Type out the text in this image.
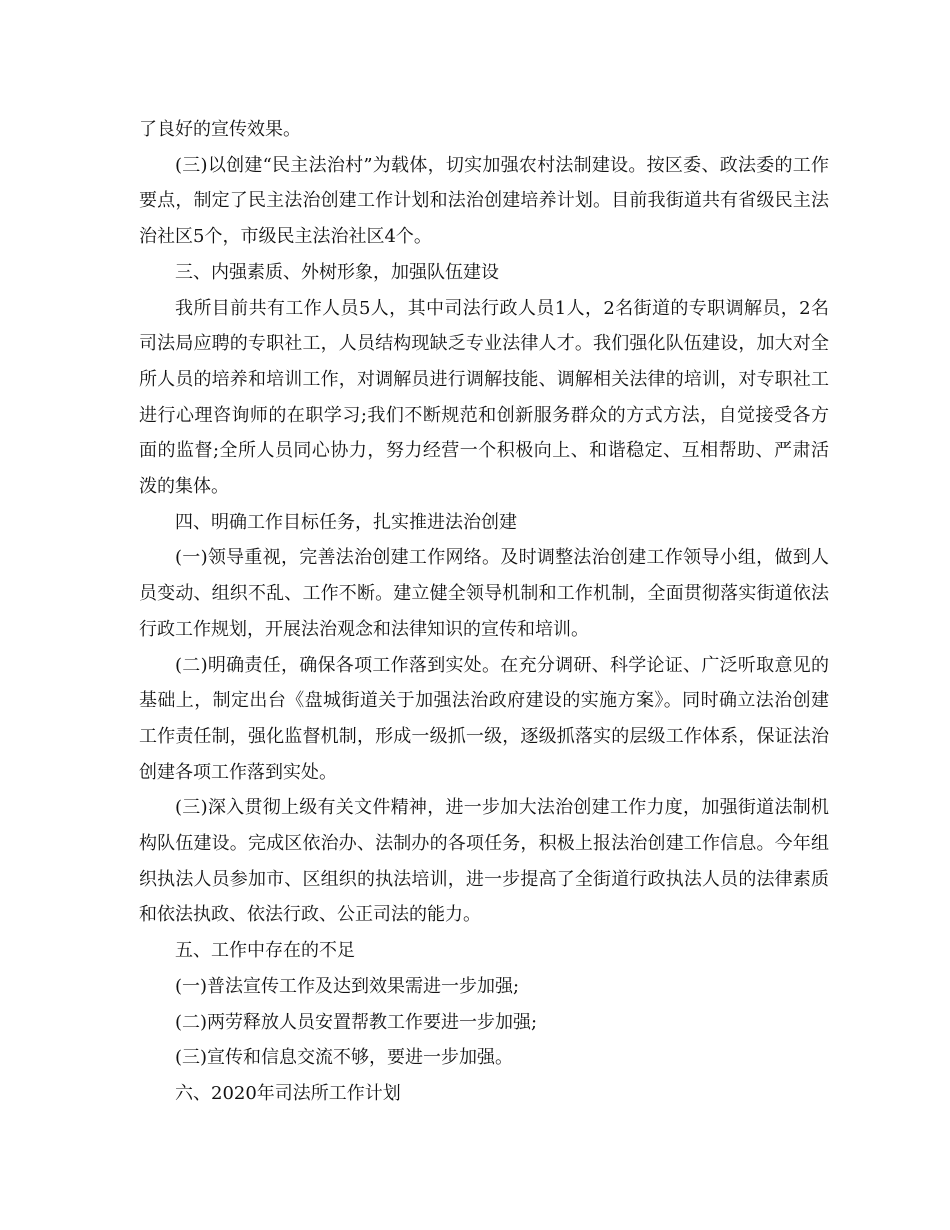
了良好的宣传效果。

(三)以创建“民主法治村”为载体，切实加强农村法制建设。按区委、政法委的工作要点，制定了民主法治创建工作计划和法治创建培养计划。目前我街道共有省级民主法治社区5个，市级民主法治社区4个。

三、内强素质、外树形象，加强队伍建设

我所目前共有工作人员5人，其中司法行政人员1人，2名街道的专职调解员，2名司法局应聘的专职社工，人员结构现缺乏专业法律人才。我们强化队伍建设，加大对全所人员的培养和培训工作，对调解员进行调解技能、调解相关法律的培训，对专职社工进行心理咨询师的在职学习;我们不断规范和创新服务群众的方式方法，自觉接受各方面的监督;全所人员同心协力，努力经营一个积极向上、和谐稳定、互相帮助、严肃活泼的集体。

四、明确工作目标任务，扎实推进法治创建

(一)领导重视，完善法治创建工作网络。及时调整法治创建工作领导小组，做到人员变动、组织不乱、工作不断。建立健全领导机制和工作机制，全面贯彻落实街道依法行政工作规划，开展法治观念和法律知识的宣传和培训。

(二)明确责任，确保各项工作落到实处。在充分调研、科学论证、广泛听取意见的基础上，制定出台《盘城街道关于加强法治政府建设的实施方案》。同时确立法治创建工作责任制，强化监督机制，形成一级抓一级，逐级抓落实的层级工作体系，保证法治创建各项工作落到实处。

(三)深入贯彻上级有关文件精神，进一步加大法治创建工作力度，加强街道法制机构队伍建设。完成区依治办、法制办的各项任务，积极上报法治创建工作信息。今年组织执法人员参加市、区组织的执法培训，进一步提高了全街道行政执法人员的法律素质和依法执政、依法行政、公正司法的能力。

五、工作中存在的不足

(一)普法宣传工作及达到效果需进一步加强;

(二)两劳释放人员安置帮教工作要进一步加强;

(三)宣传和信息交流不够，要进一步加强。

六、2020年司法所工作计划
